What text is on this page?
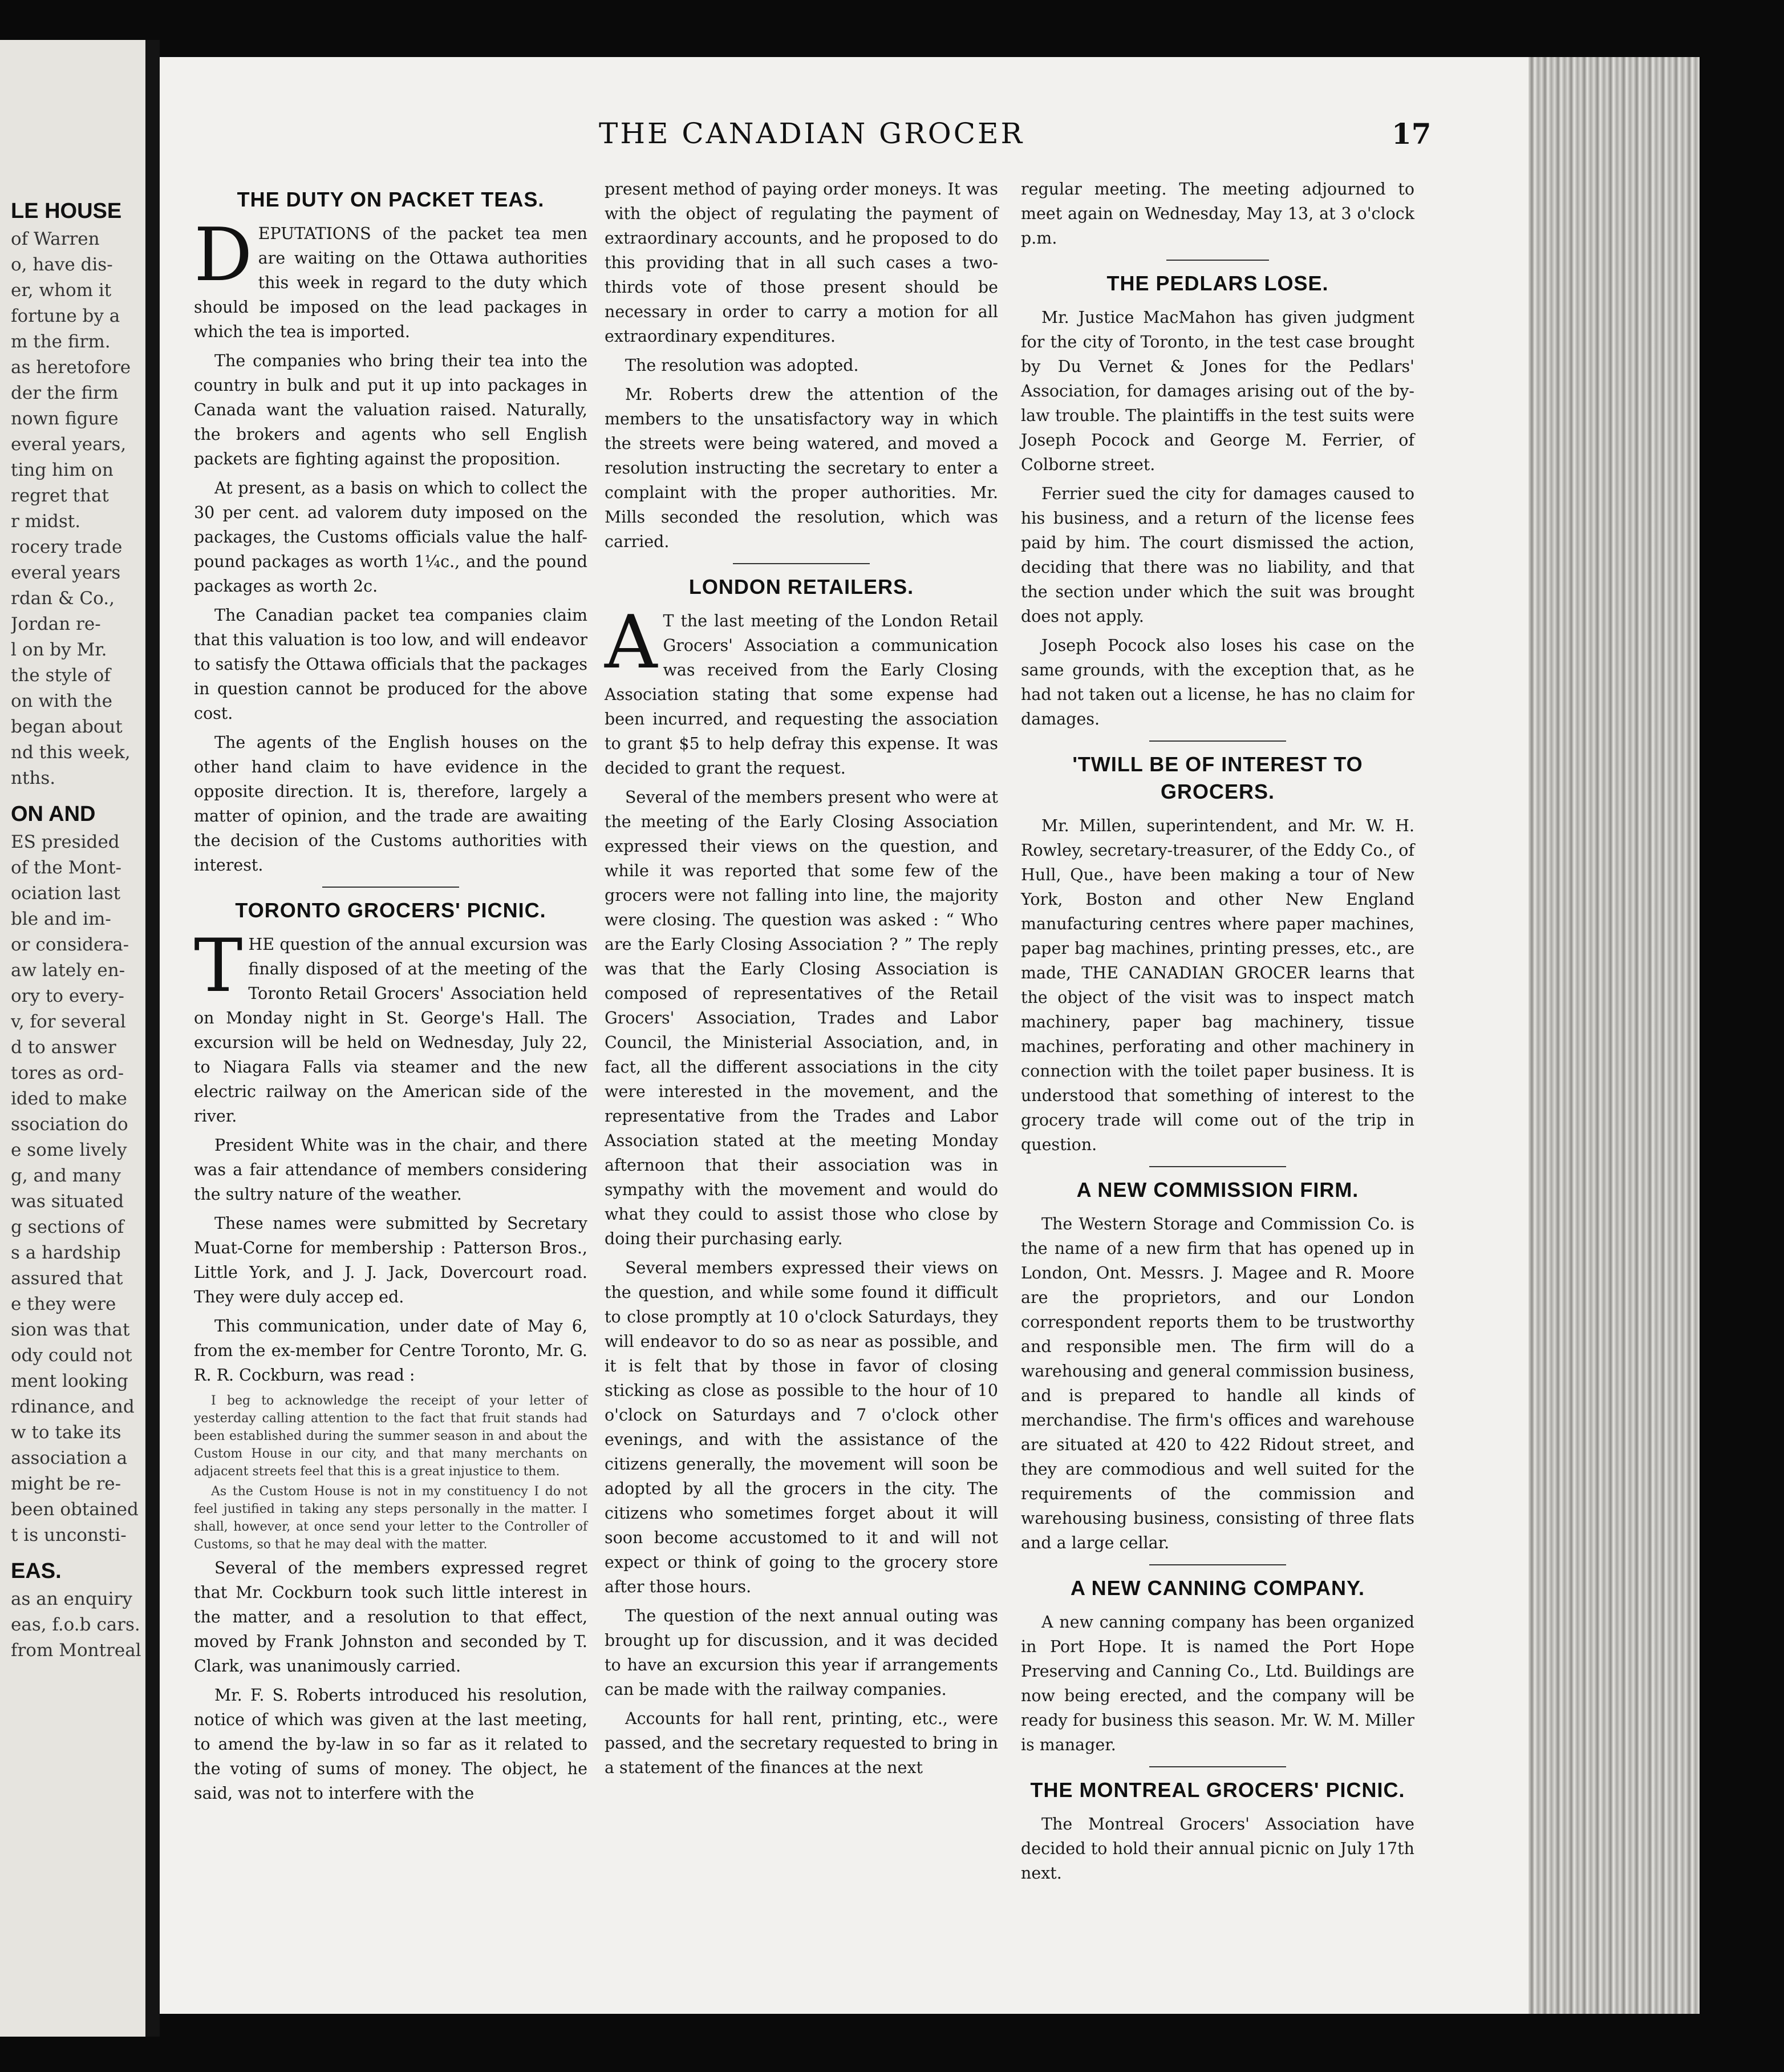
LE HOUSE
of Warren
o, have dis-
er, whom it
fortune by a
m the firm.
as heretofore
der the firm
nown figure
everal years,
ting him on
regret that
r midst.
rocery trade
everal years
rdan & Co.,
Jordan re-
l on by Mr.
the style of
on with the
began about
nd this week,
nths.
ON AND
ES presided
of the Mont-
ociation last
ble and im-
or considera-
aw lately en-
ory to every-
v, for several
d to answer
tores as ord-
ided to make
ssociation do
e some lively
g, and many
was situated
g sections of
s a hardship
assured that
e they were
sion was that
ody could not
ment looking
rdinance, and
w to take its
association a
might be re-
been obtained
t is unconsti-
EAS.
as an enquiry
eas, f.o.b cars.
from Montreal
THE CANADIAN GROCER	17
THE DUTY ON PACKET TEAS.

DEPUTATIONS of the packet tea men are waiting on the Ottawa authorities this week in regard to the duty which should be imposed on the lead packages in which the tea is imported.

The companies who bring their tea into the country in bulk and put it up into packages in Canada want the valuation raised. Naturally, the brokers and agents who sell English packets are fighting against the proposition.

At present, as a basis on which to collect the 30 per cent. ad valorem duty imposed on the packages, the Customs officials value the half-pound packages as worth 1¼c., and the pound packages as worth 2c.

The Canadian packet tea companies claim that this valuation is too low, and will endeavor to satisfy the Ottawa officials that the packages in question cannot be produced for the above cost.

The agents of the English houses on the other hand claim to have evidence in the opposite direction. It is, therefore, largely a matter of opinion, and the trade are awaiting the decision of the Customs authorities with interest.

TORONTO GROCERS' PICNIC.

THE question of the annual excursion was finally disposed of at the meeting of the Toronto Retail Grocers' Association held on Monday night in St. George's Hall. The excursion will be held on Wednesday, July 22, to Niagara Falls via steamer and the new electric railway on the American side of the river.

President White was in the chair, and there was a fair attendance of members considering the sultry nature of the weather.

These names were submitted by Secretary Muat-Corne for membership : Patterson Bros., Little York, and J. J. Jack, Dovercourt road. They were duly accep ed.

This communication, under date of May 6, from the ex-member for Centre Toronto, Mr. G. R. R. Cockburn, was read :

I beg to acknowledge the receipt of your letter of yesterday calling attention to the fact that fruit stands had been established during the summer season in and about the Custom House in our city, and that many merchants on adjacent streets feel that this is a great injustice to them.

As the Custom House is not in my constituency I do not feel justified in taking any steps personally in the matter. I shall, however, at once send your letter to the Controller of Customs, so that he may deal with the matter.

Several of the members expressed regret that Mr. Cockburn took such little interest in the matter, and a resolution to that effect, moved by Frank Johnston and seconded by T. Clark, was unanimously carried.

Mr. F. S. Roberts introduced his resolution, notice of which was given at the last meeting, to amend the by-law in so far as it related to the voting of sums of money. The object, he said, was not to interfere with the

present method of paying order moneys. It was with the object of regulating the payment of extraordinary accounts, and he proposed to do this providing that in all such cases a two-thirds vote of those present should be necessary in order to carry a motion for all extraordinary expenditures.

The resolution was adopted.

Mr. Roberts drew the attention of the members to the unsatisfactory way in which the streets were being watered, and moved a resolution instructing the secretary to enter a complaint with the proper authorities. Mr. Mills seconded the resolution, which was carried.

LONDON RETAILERS.

A T the last meeting of the London Retail Grocers' Association a communication was received from the Early Closing Association stating that some expense had been incurred, and requesting the association to grant $5 to help defray this expense. It was decided to grant the request.

Several of the members present who were at the meeting of the Early Closing Association expressed their views on the question, and while it was reported that some few of the grocers were not falling into line, the majority were closing. The question was asked : “ Who are the Early Closing Association ? ” The reply was that the Early Closing Association is composed of representatives of the Retail Grocers' Association, Trades and Labor Council, the Ministerial Association, and, in fact, all the different associations in the city were interested in the movement, and the representative from the Trades and Labor Association stated at the meeting Monday afternoon that their association was in sympathy with the movement and would do what they could to assist those who close by doing their purchasing early.

Several members expressed their views on the question, and while some found it difficult to close promptly at 10 o'clock Saturdays, they will endeavor to do so as near as possible, and it is felt that by those in favor of closing sticking as close as possible to the hour of 10 o'clock on Saturdays and 7 o'clock other evenings, and with the assistance of the citizens generally, the movement will soon be adopted by all the grocers in the city. The citizens who sometimes forget about it will soon become accustomed to it and will not expect or think of going to the grocery store after those hours.

The question of the next annual outing was brought up for discussion, and it was decided to have an excursion this year if arrangements can be made with the railway companies.

Accounts for hall rent, printing, etc., were passed, and the secretary requested to bring in a statement of the finances at the next

regular meeting. The meeting adjourned to meet again on Wednesday, May 13, at 3 o'clock p.m.

THE PEDLARS LOSE.

Mr. Justice MacMahon has given judgment for the city of Toronto, in the test case brought by Du Vernet & Jones for the Pedlars' Association, for damages arising out of the by-law trouble. The plaintiffs in the test suits were Joseph Pocock and George M. Ferrier, of Colborne street.

Ferrier sued the city for damages caused to his business, and a return of the license fees paid by him. The court dismissed the action, deciding that there was no liability, and that the section under which the suit was brought does not apply.

Joseph Pocock also loses his case on the same grounds, with the exception that, as he had not taken out a license, he has no claim for damages.

'TWILL BE OF INTEREST TO GROCERS.

Mr. Millen, superintendent, and Mr. W. H. Rowley, secretary-treasurer, of the Eddy Co., of Hull, Que., have been making a tour of New York, Boston and other New England manufacturing centres where paper machines, paper bag machines, printing presses, etc., are made, THE CANADIAN GROCER learns that the object of the visit was to inspect match machinery, paper bag machinery, tissue machines, perforating and other machinery in connection with the toilet paper business. It is understood that something of interest to the grocery trade will come out of the trip in question.

A NEW COMMISSION FIRM.

The Western Storage and Commission Co. is the name of a new firm that has opened up in London, Ont. Messrs. J. Magee and R. Moore are the proprietors, and our London correspondent reports them to be trustworthy and responsible men. The firm will do a warehousing and general commission business, and is prepared to handle all kinds of merchandise. The firm's offices and warehouse are situated at 420 to 422 Ridout street, and they are commodious and well suited for the requirements of the commission and warehousing business, consisting of three flats and a large cellar.

A NEW CANNING COMPANY.

A new canning company has been organized in Port Hope. It is named the Port Hope Preserving and Canning Co., Ltd. Buildings are now being erected, and the company will be ready for business this season. Mr. W. M. Miller is manager.

THE MONTREAL GROCERS' PICNIC.

The Montreal Grocers' Association have decided to hold their annual picnic on July 17th next.
